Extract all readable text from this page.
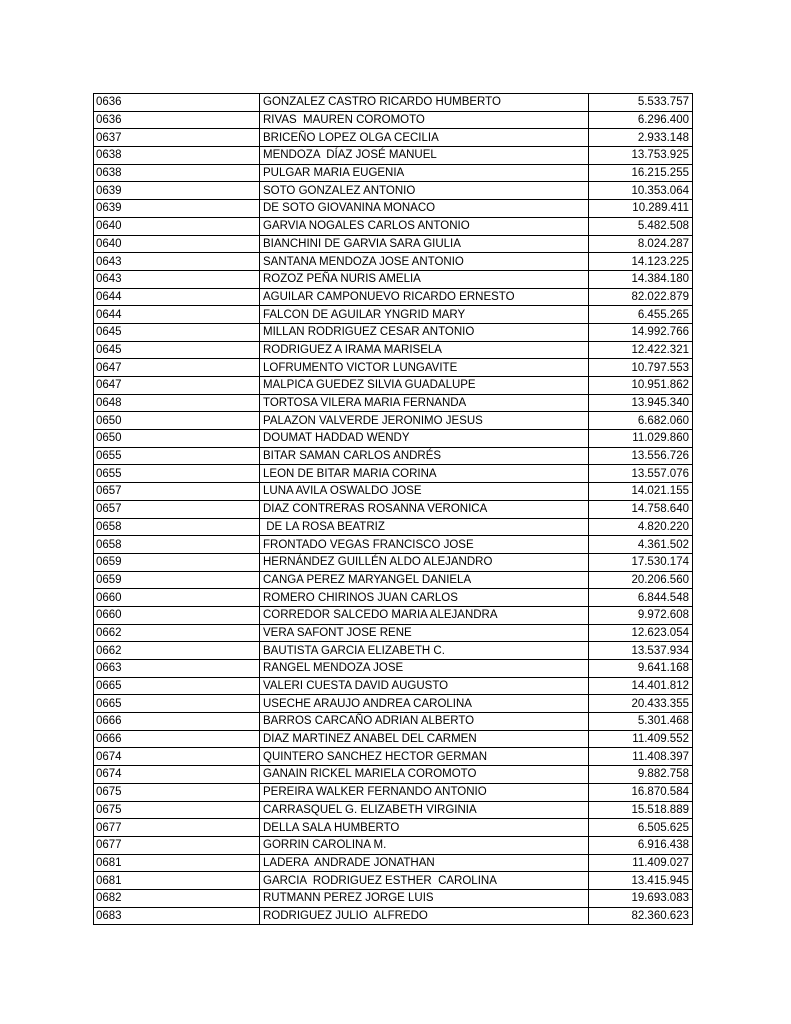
0636	GONZALEZ CASTRO RICARDO HUMBERTO	5.533.757
0636	RIVAS  MAUREN COROMOTO	6.296.400
0637	BRICEÑO LOPEZ OLGA CECILIA	2.933.148
0638	MENDOZA  DÍAZ JOSÉ MANUEL	13.753.925
0638	PULGAR MARIA EUGENIA	16.215.255
0639	SOTO GONZALEZ ANTONIO	10.353.064
0639	DE SOTO GIOVANINA MONACO	10.289.411
0640	GARVIA NOGALES CARLOS ANTONIO	5.482.508
0640	BIANCHINI DE GARVIA SARA GIULIA	8.024.287
0643	SANTANA MENDOZA JOSE ANTONIO	14.123.225
0643	ROZOZ PEÑA NURIS AMELIA	14.384.180
0644	AGUILAR CAMPONUEVO RICARDO ERNESTO	82.022.879
0644	FALCON DE AGUILAR YNGRID MARY	6.455.265
0645	MILLAN RODRIGUEZ CESAR ANTONIO	14.992.766
0645	RODRIGUEZ A IRAMA MARISELA	12.422.321
0647	LOFRUMENTO VICTOR LUNGAVITE	10.797.553
0647	MALPICA GUEDEZ SILVIA GUADALUPE	10.951.862
0648	TORTOSA VILERA MARIA FERNANDA	13.945.340
0650	PALAZON VALVERDE JERONIMO JESUS	6.682.060
0650	DOUMAT HADDAD WENDY	11.029.860
0655	BITAR SAMAN CARLOS ANDRÉS	13.556.726
0655	LEON DE BITAR MARIA CORINA	13.557.076
0657	LUNA AVILA OSWALDO JOSE	14.021.155
0657	DIAZ CONTRERAS ROSANNA VERONICA	14.758.640
0658	DE LA ROSA BEATRIZ	4.820.220
0658	FRONTADO VEGAS FRANCISCO JOSE	4.361.502
0659	HERNÁNDEZ GUILLÉN ALDO ALEJANDRO	17.530.174
0659	CANGA PEREZ MARYANGEL DANIELA	20.206.560
0660	ROMERO CHIRINOS JUAN CARLOS	6.844.548
0660	CORREDOR SALCEDO MARIA ALEJANDRA	9.972.608
0662	VERA SAFONT JOSE RENE	12.623.054
0662	BAUTISTA GARCIA ELIZABETH C.	13.537.934
0663	RANGEL MENDOZA JOSE	9.641.168
0665	VALERI CUESTA DAVID AUGUSTO	14.401.812
0665	USECHE ARAUJO ANDREA CAROLINA	20.433.355
0666	BARROS CARCAÑO ADRIAN ALBERTO	5.301.468
0666	DIAZ MARTINEZ ANABEL DEL CARMEN	11.409.552
0674	QUINTERO SANCHEZ HECTOR GERMAN	11.408.397
0674	GANAIN RICKEL MARIELA COROMOTO	9.882.758
0675	PEREIRA WALKER FERNANDO ANTONIO	16.870.584
0675	CARRASQUEL G. ELIZABETH VIRGINIA	15.518.889
0677	DELLA SALA HUMBERTO	6.505.625
0677	GORRIN CAROLINA M.	6.916.438
0681	LADERA  ANDRADE JONATHAN	11.409.027
0681	GARCIA  RODRIGUEZ ESTHER  CAROLINA	13.415.945
0682	RUTMANN PEREZ JORGE LUIS	19.693.083
0683	RODRIGUEZ JULIO  ALFREDO	82.360.623
